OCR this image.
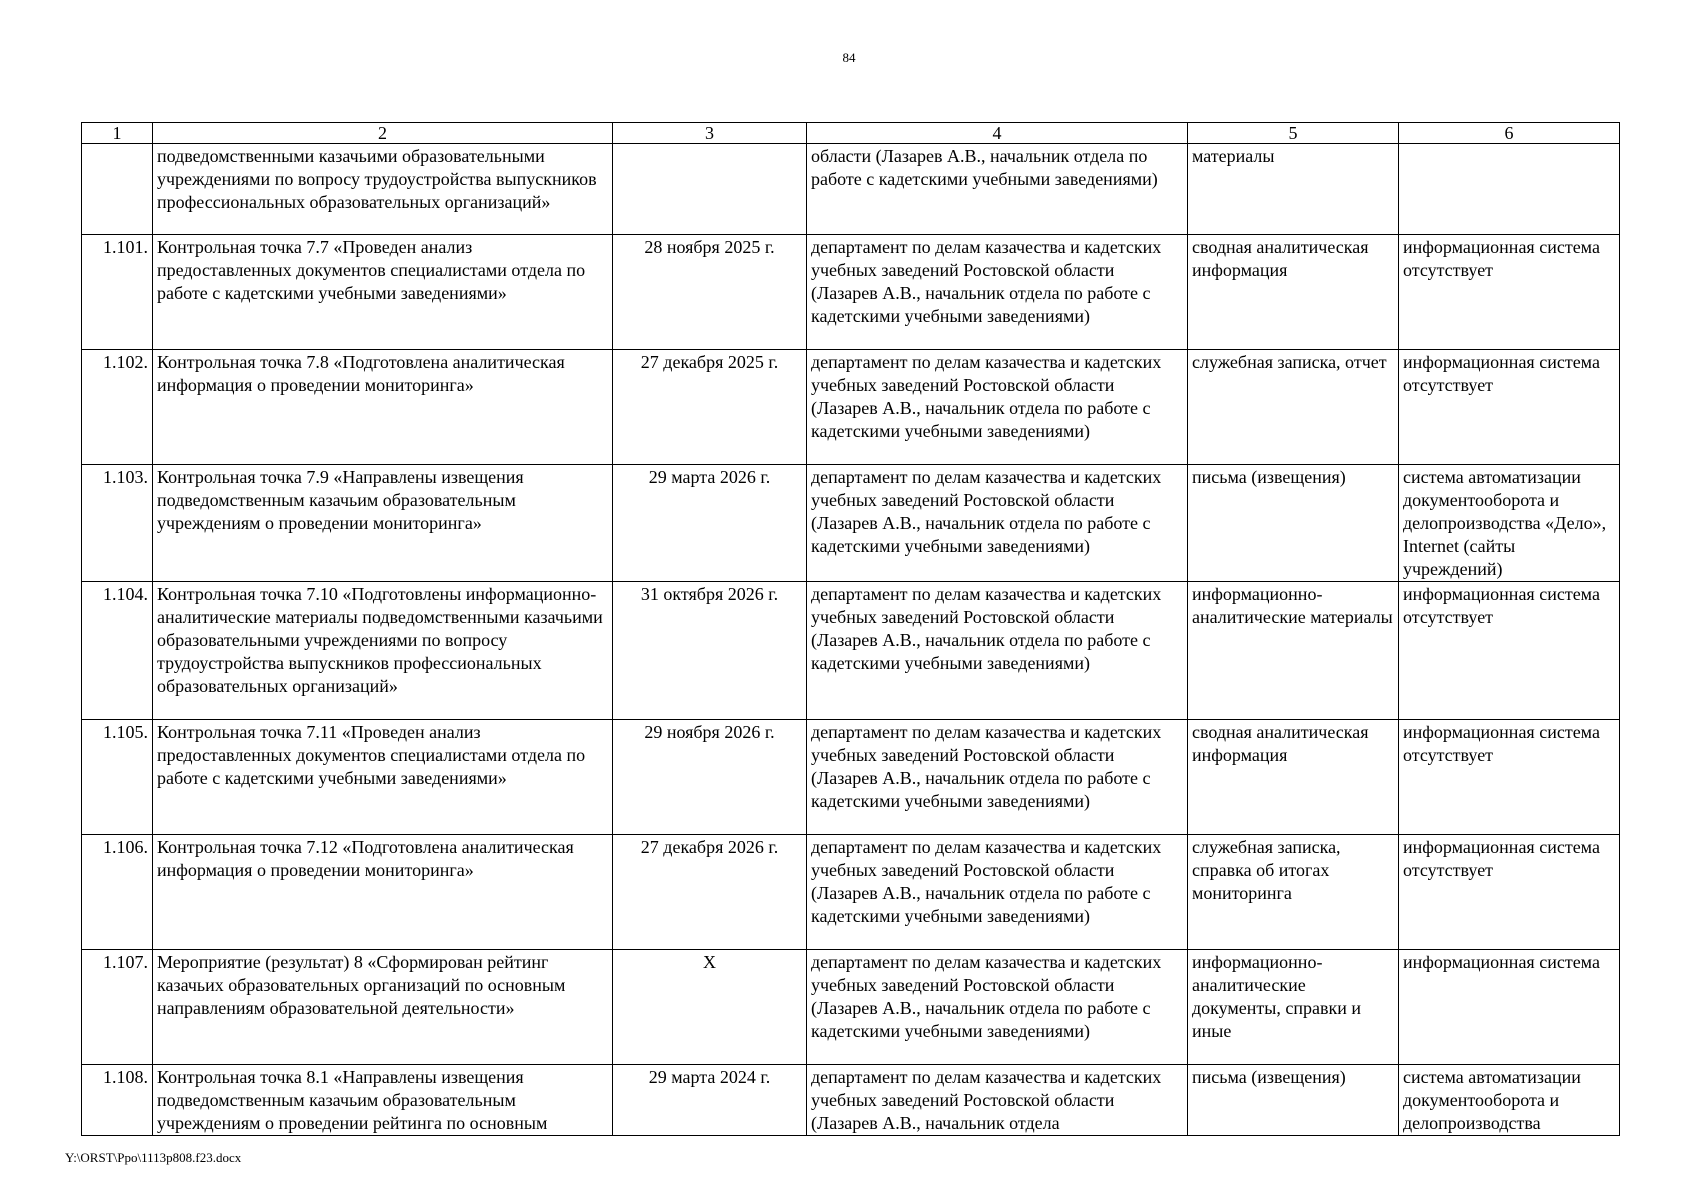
84
1	2	3	4	5	6
	подведомственными казачьими образовательными учреждениями по вопросу трудоустройства выпускников профессиональных образовательных организаций»		области (Лазарев А.В., начальник отдела по работе с кадетскими учебными заведениями)	материалы	
1.101.	Контрольная точка 7.7 «Проведен анализ предоставленных документов специалистами отдела по работе с кадетскими учебными заведениями»	28 ноября 2025 г.	департамент по делам казачества и кадетских учебных заведений Ростовской области (Лазарев А.В., начальник отдела по работе с кадетскими учебными заведениями)	сводная аналитическая информация	информационная система отсутствует
1.102.	Контрольная точка 7.8 «Подготовлена аналитическая информация о проведении мониторинга»	27 декабря 2025 г.	департамент по делам казачества и кадетских учебных заведений Ростовской области (Лазарев А.В., начальник отдела по работе с кадетскими учебными заведениями)	служебная записка, отчет	информационная система отсутствует
1.103.	Контрольная точка 7.9 «Направлены извещения подведомственным казачьим образовательным учреждениям о проведении мониторинга»	29 марта 2026 г.	департамент по делам казачества и кадетских учебных заведений Ростовской области (Лазарев А.В., начальник отдела по работе с кадетскими учебными заведениями)	письма (извещения)	система автоматизации документооборота и делопроизводства «Дело», Internet (сайты учреждений)
1.104.	Контрольная точка 7.10 «Подготовлены информационно-аналитические материалы подведомственными казачьими образовательными учреждениями по вопросу трудоустройства выпускников профессиональных образовательных организаций»	31 октября 2026 г.	департамент по делам казачества и кадетских учебных заведений Ростовской области (Лазарев А.В., начальник отдела по работе с кадетскими учебными заведениями)	информационно-аналитические материалы	информационная система отсутствует
1.105.	Контрольная точка 7.11 «Проведен анализ предоставленных документов специалистами отдела по работе с кадетскими учебными заведениями»	29 ноября 2026 г.	департамент по делам казачества и кадетских учебных заведений Ростовской области (Лазарев А.В., начальник отдела по работе с кадетскими учебными заведениями)	сводная аналитическая информация	информационная система отсутствует
1.106.	Контрольная точка 7.12 «Подготовлена аналитическая информация о проведении мониторинга»	27 декабря 2026 г.	департамент по делам казачества и кадетских учебных заведений Ростовской области (Лазарев А.В., начальник отдела по работе с кадетскими учебными заведениями)	служебная записка, справка об итогах мониторинга	информационная система отсутствует
1.107.	Мероприятие (результат) 8 «Сформирован рейтинг казачьих образовательных организаций по основным направлениям образовательной деятельности»	X	департамент по делам казачества и кадетских учебных заведений Ростовской области (Лазарев А.В., начальник отдела по работе с кадетскими учебными заведениями)	информационно-аналитические документы, справки и иные	информационная система
1.108.	Контрольная точка 8.1 «Направлены извещения подведомственным казачьим образовательным учреждениям о проведении рейтинга по основным	29 марта 2024 г.	департамент по делам казачества и кадетских учебных заведений Ростовской области (Лазарев А.В., начальник отдела	письма (извещения)	система автоматизации документооборота и делопроизводства
Y:\ORST\Ppo\1113p808.f23.docx
